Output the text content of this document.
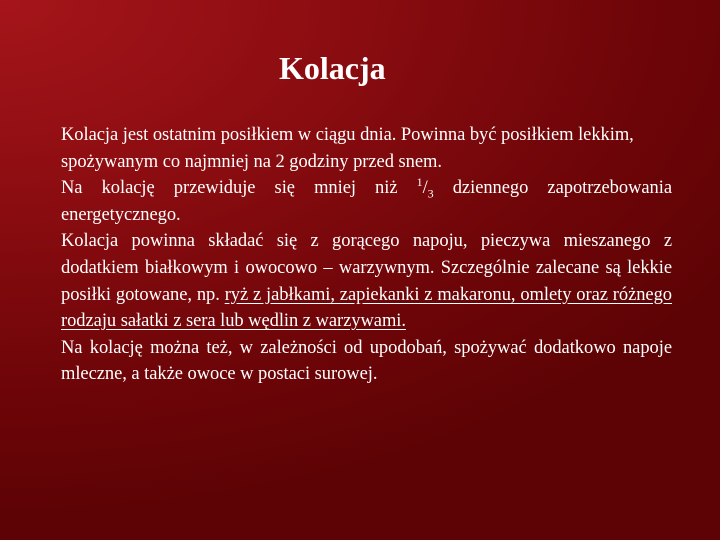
Kolacja

Kolacja jest ostatnim posiłkiem w ciągu dnia. Powinna być posiłkiem lekkim, spożywanym co najmniej na 2 godziny przed snem.

Na kolację przewiduje się mniej niż $^1/_3$ dziennego zapotrzebowania energetycznego.

Kolacja powinna składać się z gorącego napoju, pieczywa mieszanego z dodatkiem białkowym i owocowo – warzywnym. Szczególnie zalecane są lekkie posiłki gotowane, np. ryż z jabłkami, zapiekanki z makaronu, omlety oraz różnego rodzaju sałatki z sera lub wędlin z warzywami.

Na kolację można też, w zależności od upodobań, spożywać dodatkowo napoje mleczne, a także owoce w postaci surowej.
